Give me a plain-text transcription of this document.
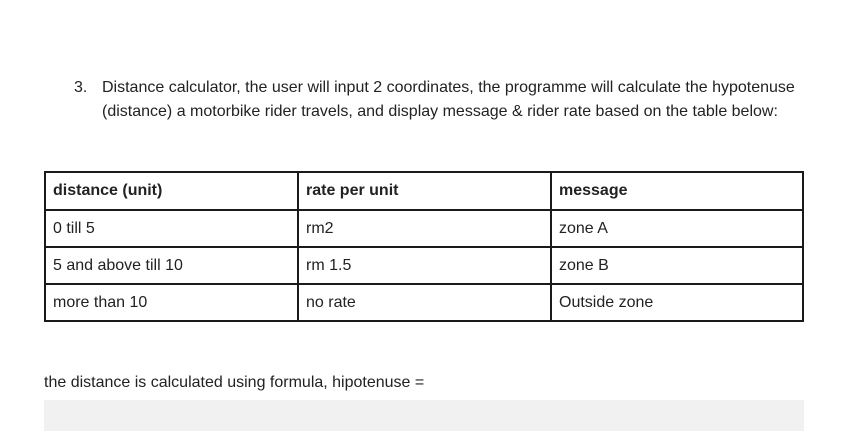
3. Distance calculator, the user will input 2 coordinates, the programme will calculate the hypotenuse (distance) a motorbike rider travels, and display message & rider rate based on the table below:
distance (unit)	rate per unit	message
0 till 5	rm2	zone A
5 and above till 10	rm 1.5	zone B
more than 10	no rate	Outside zone
the distance is calculated using formula, hipotenuse =
